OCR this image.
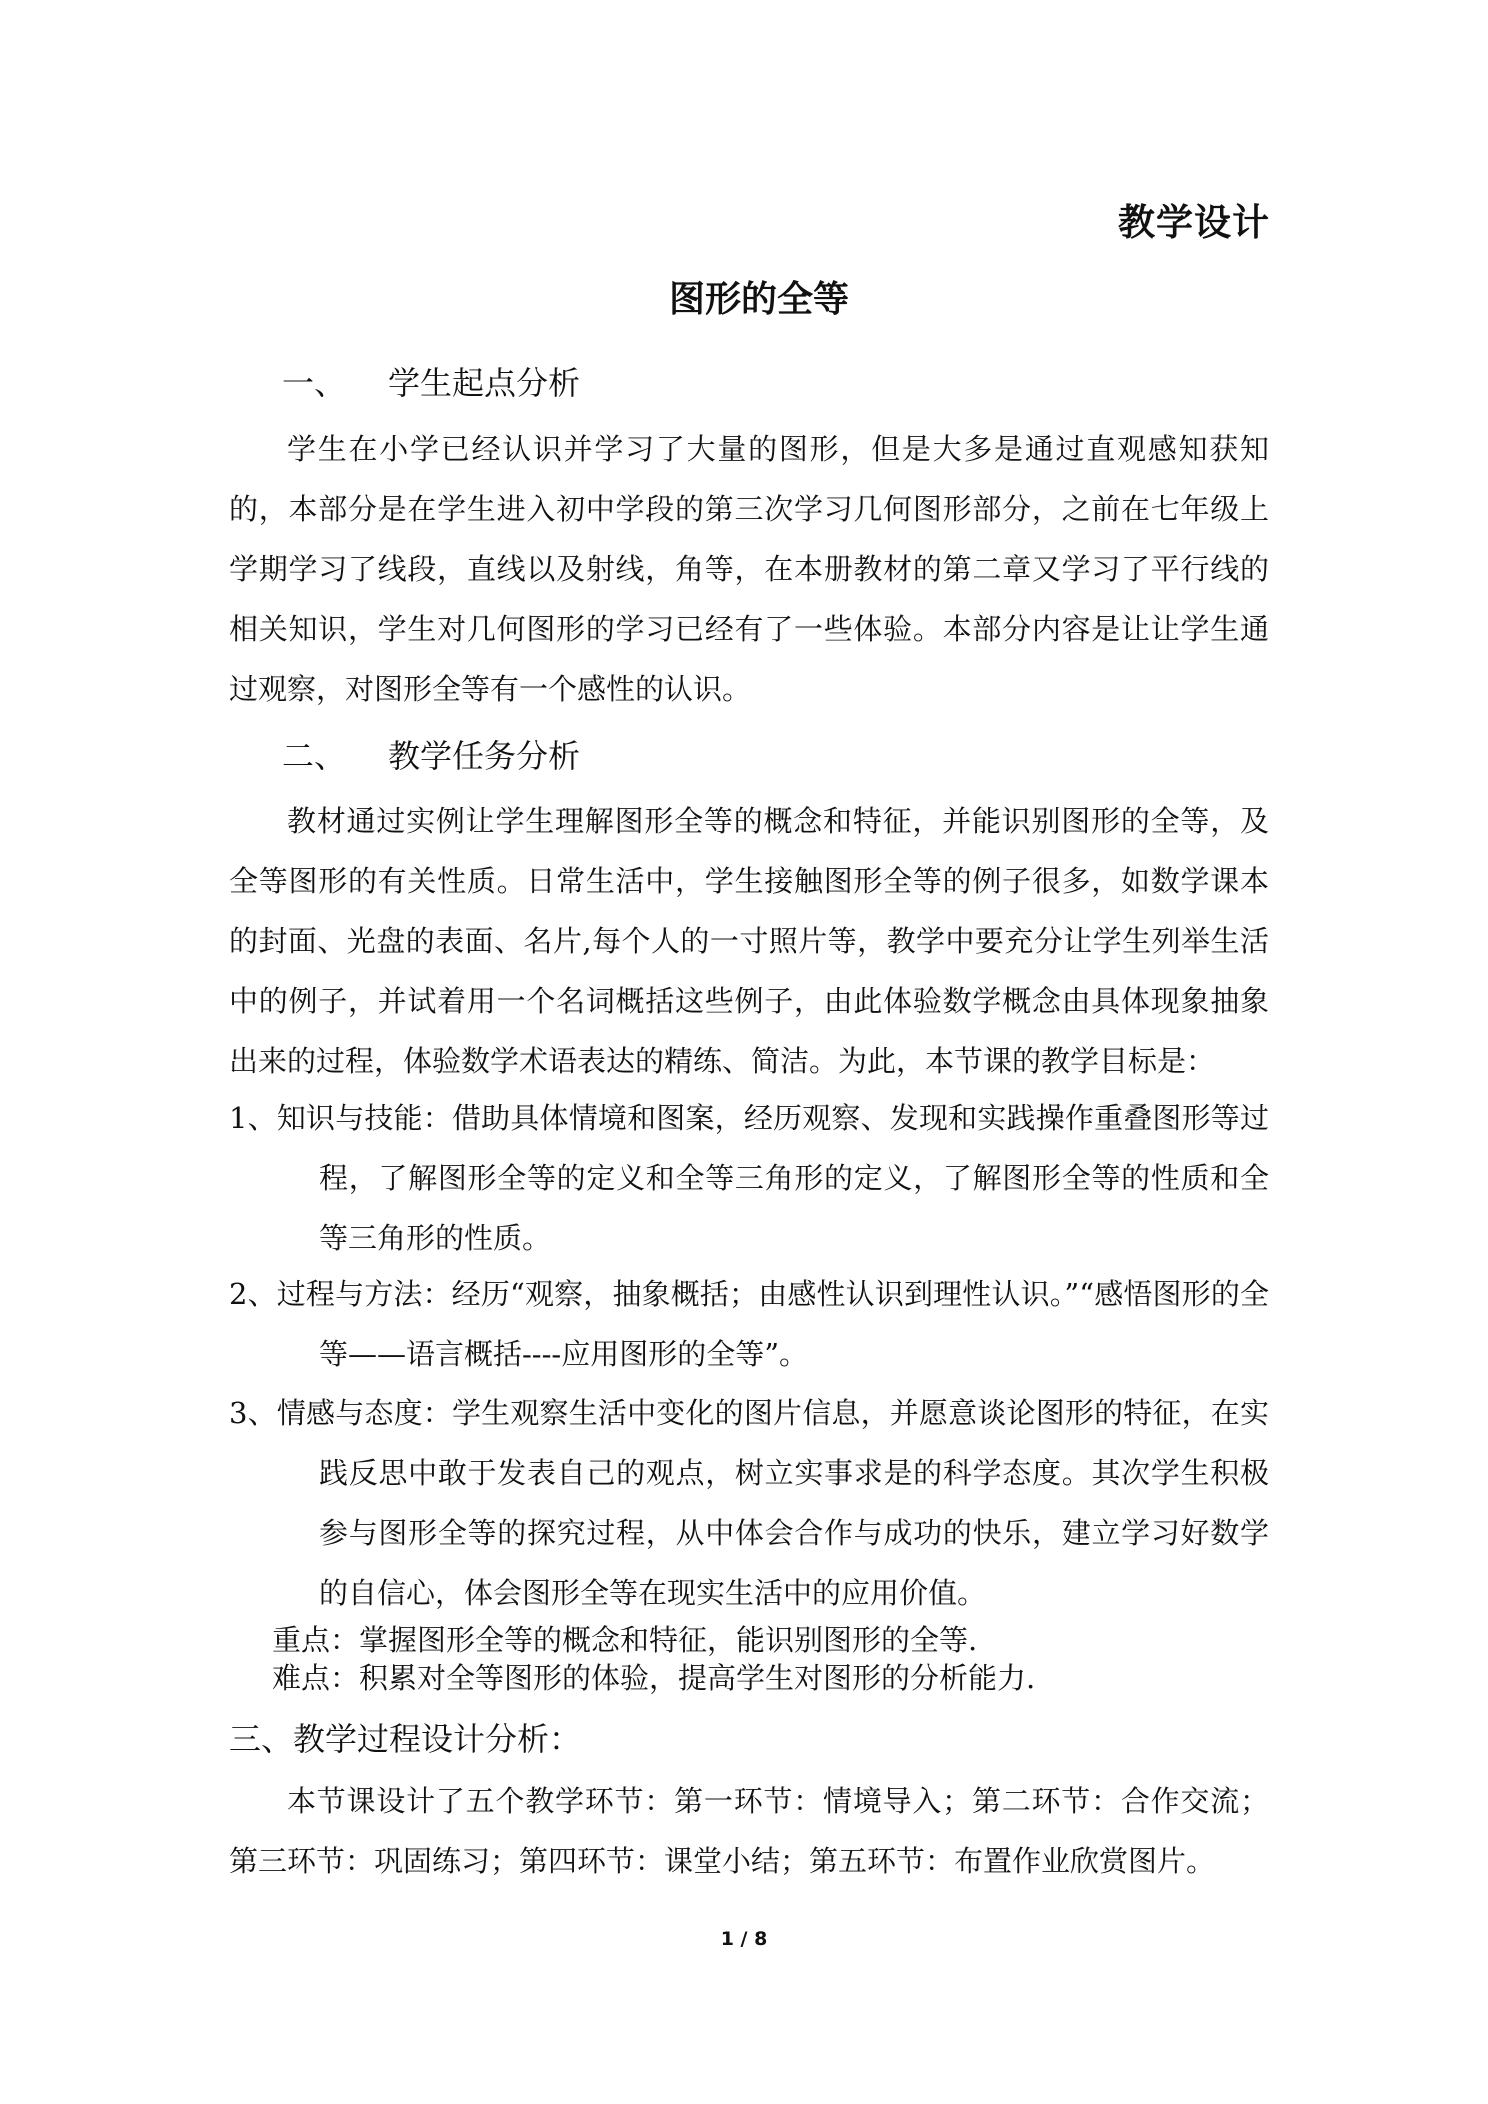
教学设计
图形的全等
一、 学生起点分析

学生在小学已经认识并学习了大量的图形，但是大多是通过直观感知获知的，本部分是在学生进入初中学段的第三次学习几何图形部分，之前在七年级上学期学习了线段，直线以及射线，角等，在本册教材的第二章又学习了平行线的相关知识，学生对几何图形的学习已经有了一些体验。本部分内容是让让学生通过观察，对图形全等有一个感性的认识。

二、 教学任务分析

教材通过实例让学生理解图形全等的概念和特征，并能识别图形的全等，及全等图形的有关性质。日常生活中，学生接触图形全等的例子很多，如数学课本的封面、光盘的表面、名片,每个人的一寸照片等，教学中要充分让学生列举生活中的例子，并试着用一个名词概括这些例子，由此体验数学概念由具体现象抽象出来的过程，体验数学术语表达的精练、简洁。为此，本节课的教学目标是：

1、知识与技能：借助具体情境和图案，经历观察、发现和实践操作重叠图形等过程，了解图形全等的定义和全等三角形的定义，了解图形全等的性质和全等三角形的性质。

2、过程与方法：经历“观察，抽象概括；由感性认识到理性认识。”“感悟图形的全等——语言概括----应用图形的全等”。

3、情感与态度：学生观察生活中变化的图片信息，并愿意谈论图形的特征，在实践反思中敢于发表自己的观点，树立实事求是的科学态度。其次学生积极参与图形全等的探究过程，从中体会合作与成功的快乐，建立学习好数学的自信心，体会图形全等在现实生活中的应用价值。

重点：掌握图形全等的概念和特征，能识别图形的全等.
难点：积累对全等图形的体验，提高学生对图形的分析能力.
三、教学过程设计分析：

本节课设计了五个教学环节：第一环节：情境导入；第二环节：合作交流；第三环节：巩固练习；第四环节：课堂小结；第五环节：布置作业欣赏图片。

1 / 8
